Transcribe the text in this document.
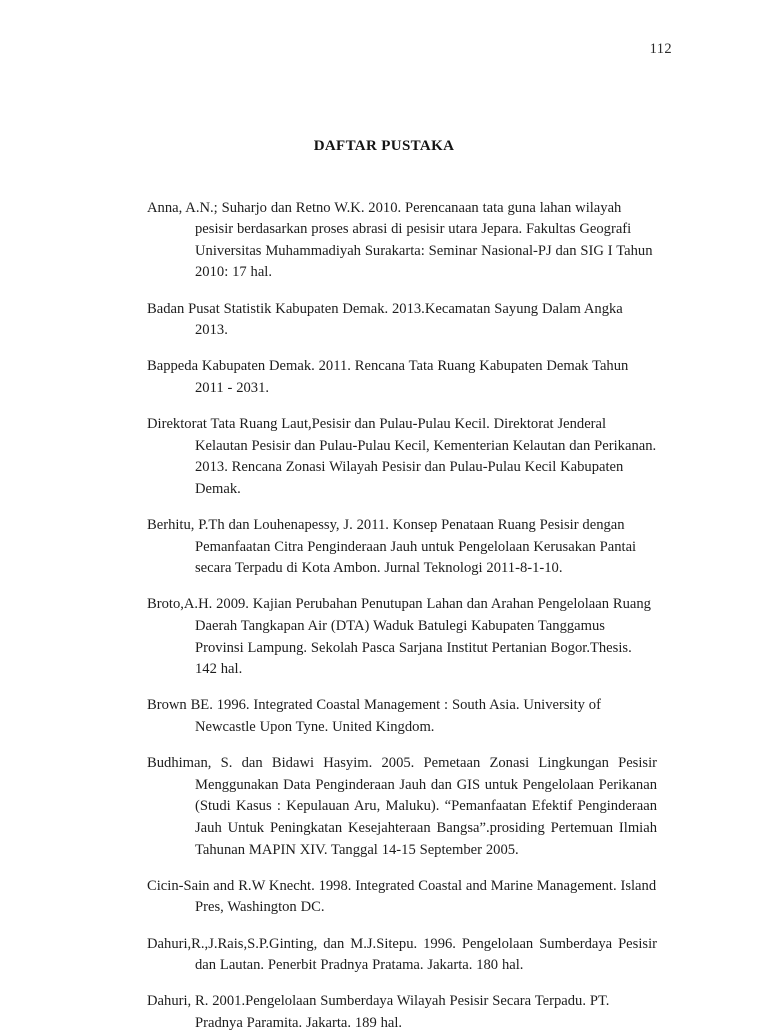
112
DAFTAR PUSTAKA

Anna, A.N.; Suharjo dan Retno W.K. 2010. Perencanaan tata guna lahan wilayah pesisir berdasarkan proses abrasi di pesisir utara Jepara. Fakultas Geografi Universitas Muhammadiyah Surakarta: Seminar Nasional-PJ dan SIG I Tahun 2010: 17 hal.

Badan Pusat Statistik Kabupaten Demak. 2013.Kecamatan Sayung Dalam Angka 2013.

Bappeda Kabupaten Demak. 2011. Rencana Tata Ruang Kabupaten Demak Tahun 2011 - 2031.

Direktorat Tata Ruang Laut,Pesisir dan Pulau-Pulau Kecil. Direktorat Jenderal Kelautan Pesisir dan Pulau-Pulau Kecil, Kementerian Kelautan dan Perikanan. 2013. Rencana Zonasi Wilayah Pesisir dan Pulau-Pulau Kecil Kabupaten Demak.

Berhitu, P.Th dan Louhenapessy, J. 2011. Konsep Penataan Ruang Pesisir dengan Pemanfaatan Citra Penginderaan Jauh untuk Pengelolaan Kerusakan Pantai secara Terpadu di Kota Ambon. Jurnal Teknologi 2011-8-1-10.

Broto,A.H. 2009. Kajian Perubahan Penutupan Lahan dan Arahan Pengelolaan Ruang Daerah Tangkapan Air (DTA) Waduk Batulegi Kabupaten Tanggamus Provinsi Lampung. Sekolah Pasca Sarjana Institut Pertanian Bogor.Thesis. 142 hal.

Brown BE. 1996. Integrated Coastal Management : South Asia. University of Newcastle Upon Tyne. United Kingdom.

Budhiman, S. dan Bidawi Hasyim. 2005. Pemetaan Zonasi Lingkungan Pesisir Menggunakan Data Penginderaan Jauh dan GIS untuk Pengelolaan Perikanan (Studi Kasus : Kepulauan Aru, Maluku). “Pemanfaatan Efektif Penginderaan Jauh Untuk Peningkatan Kesejahteraan Bangsa”.prosiding Pertemuan Ilmiah Tahunan MAPIN XIV. Tanggal 14-15 September 2005.

Cicin-Sain and R.W Knecht. 1998. Integrated Coastal and Marine Management. Island Pres, Washington DC.

Dahuri,R.,J.Rais,S.P.Ginting, dan M.J.Sitepu. 1996. Pengelolaan Sumberdaya Pesisir dan Lautan. Penerbit Pradnya Pratama. Jakarta. 180 hal.

Dahuri, R. 2001.Pengelolaan Sumberdaya Wilayah Pesisir Secara Terpadu. PT. Pradnya Paramita. Jakarta. 189 hal.
